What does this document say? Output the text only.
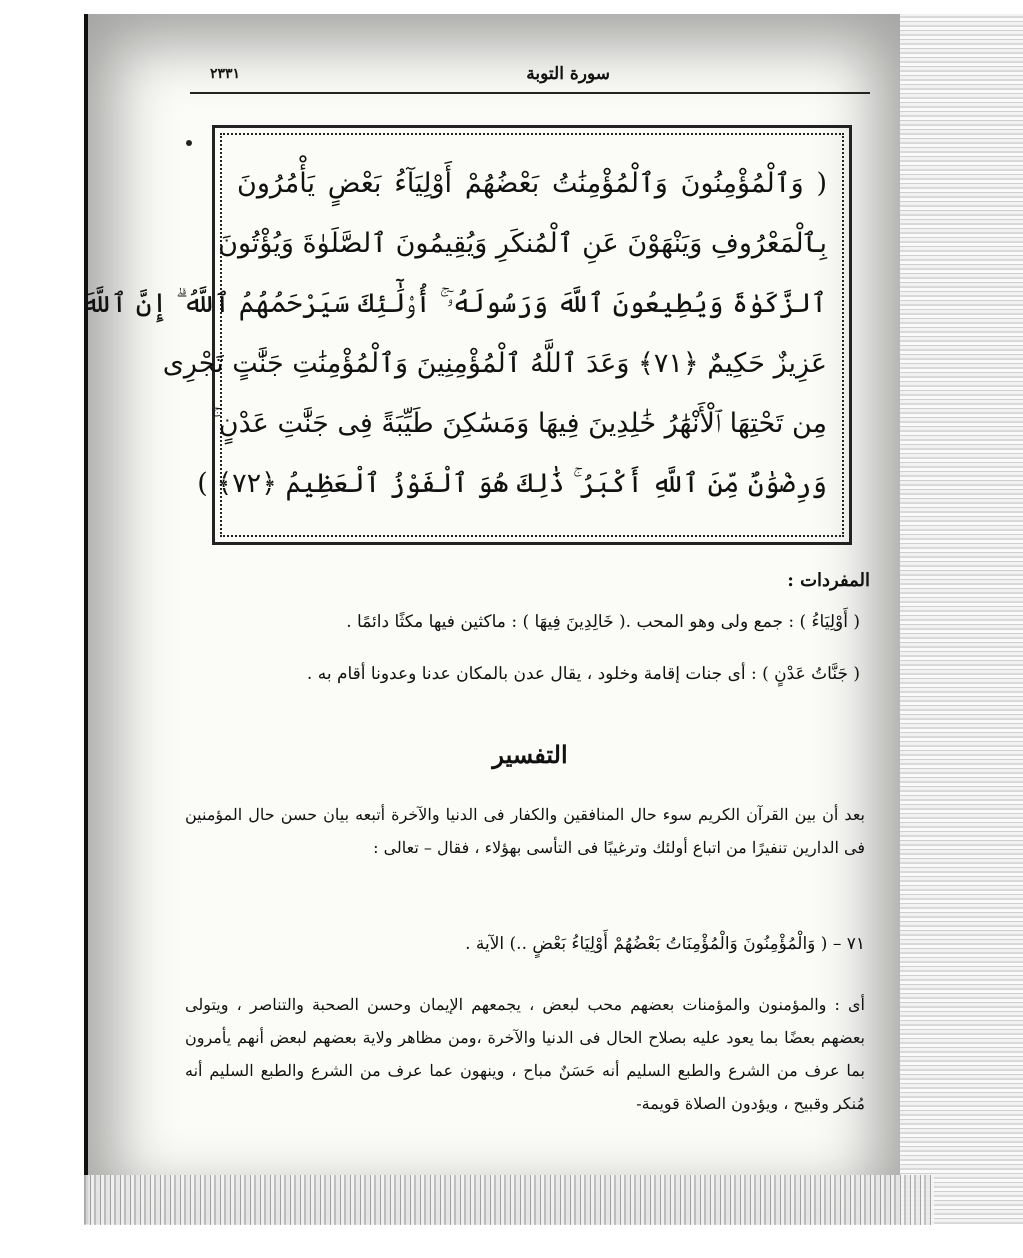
سورة التوبة
٢٣٣١
( وَٱلْمُؤْمِنُونَ وَٱلْمُؤْمِنَٰتُ بَعْضُهُمْ أَوْلِيَآءُ بَعْضٍ يَأْمُرُونَ
بِٱلْمَعْرُوفِ وَيَنْهَوْنَ عَنِ ٱلْمُنكَرِ وَيُقِيمُونَ ٱلصَّلَوٰةَ وَيُؤْتُونَ
ٱلزَّكَوٰةَ وَيُطِيعُونَ ٱللَّهَ وَرَسُولَهُۥٓ ۚ أُو۟لَٰٓئِكَ سَيَرْحَمُهُمُ ٱللَّهُ ۗ إِنَّ ٱللَّهَ
عَزِيزٌ حَكِيمٌ ﴿٧١﴾ وَعَدَ ٱللَّهُ ٱلْمُؤْمِنِينَ وَٱلْمُؤْمِنَٰتِ جَنَّٰتٍ تَجْرِى
مِن تَحْتِهَا ٱلْأَنْهَٰرُ خَٰلِدِينَ فِيهَا وَمَسَٰكِنَ طَيِّبَةً فِى جَنَّٰتِ عَدْنٍ ۚ
وَرِضْوَٰنٌ مِّنَ ٱللَّهِ أَكْبَرُ ۚ ذَٰلِكَ هُوَ ٱلْفَوْزُ ٱلْعَظِيمُ ﴿٧٢﴾ )
المفردات :
( أَوْلِيَاءُ ) : جمع ولى وهو المحب .( خَالِدِينَ فِيهَا ) : ماكثين فيها مكثًا دائمًا .
( جَنَّاتُ عَدْنٍ ) : أى جنات إقامة وخلود ، يقال عدن بالمكان عدنا وعدونا أقام به .
التفسير
بعد أن بين القرآن الكريم سوء حال المنافقين والكفار فى الدنيا والآخرة أتبعه بيان حسن حال المؤمنين فى الدارين تنفيرًا من اتباع أولئك وترغيبًا فى التأسى بهؤلاء ، فقال – تعالى :
٧١ – ( وَالْمُؤْمِنُونَ وَالْمُؤْمِنَاتُ بَعْضُهُمْ أَوْلِيَاءُ بَعْضٍ ..) الآية .
أى : والمؤمنون والمؤمنات بعضهم محب لبعض ، يجمعهم الإيمان وحسن الصحبة والتناصر ، ويتولى بعضهم بعضًا بما يعود عليه بصلاح الحال فى الدنيا والآخرة ،ومن مظاهر ولاية بعضهم لبعض أنهم يأمرون بما عرف من الشرع والطبع السليم أنه حَسَنٌ مباح ، وينهون عما عرف من الشرع والطبع السليم أنه مُنكر وقبيح ، ويؤدون الصلاة قويمة-
